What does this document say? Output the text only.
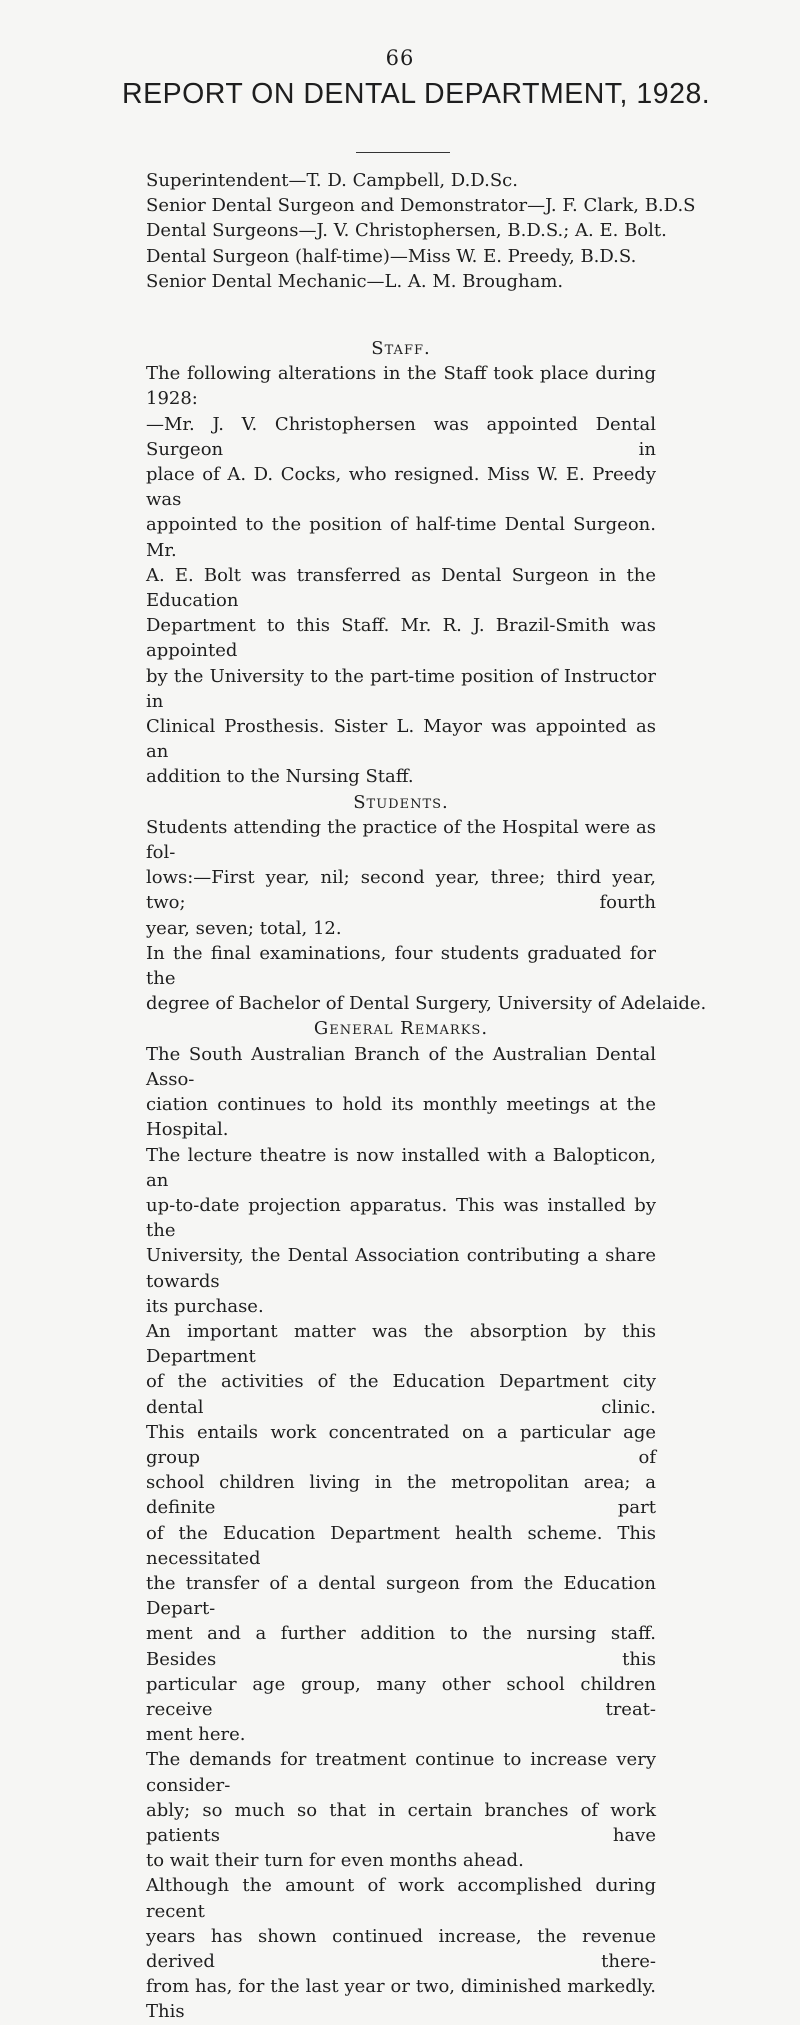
66
REPORT ON DENTAL DEPARTMENT, 1928.
Superintendent—T. D. Campbell, D.D.Sc.
Senior Dental Surgeon and Demonstrator—J. F. Clark, B.D.S
Dental Surgeons—J. V. Christophersen, B.D.S.; A. E. Bolt.
Dental Surgeon (half-time)—Miss W. E. Preedy, B.D.S.
Senior Dental Mechanic—L. A. M. Brougham.
Staff.
The following alterations in the Staff took place during 1928:
—Mr. J. V. Christophersen was appointed Dental Surgeon in
place of A. D. Cocks, who resigned. Miss W. E. Preedy was
appointed to the position of half-time Dental Surgeon. Mr.
A. E. Bolt was transferred as Dental Surgeon in the Education
Department to this Staff. Mr. R. J. Brazil-Smith was appointed
by the University to the part-time position of Instructor in
Clinical Prosthesis. Sister L. Mayor was appointed as an
addition to the Nursing Staff.
Students.
Students attending the practice of the Hospital were as fol-
lows:—First year, nil; second year, three; third year, two; fourth
year, seven; total, 12.
In the final examinations, four students graduated for the
degree of Bachelor of Dental Surgery, University of Adelaide.
General Remarks.
The South Australian Branch of the Australian Dental Asso-
ciation continues to hold its monthly meetings at the Hospital.
The lecture theatre is now installed with a Balopticon, an
up-to-date projection apparatus. This was installed by the
University, the Dental Association contributing a share towards
its purchase.
An important matter was the absorption by this Department
of the activities of the Education Department city dental clinic.
This entails work concentrated on a particular age group of
school children living in the metropolitan area; a definite part
of the Education Department health scheme. This necessitated
the transfer of a dental surgeon from the Education Depart-
ment and a further addition to the nursing staff. Besides this
particular age group, many other school children receive treat-
ment here.
The demands for treatment continue to increase very consider-
ably; so much so that in certain branches of work patients have
to wait their turn for even months ahead.
Although the amount of work accomplished during recent
years has shown continued increase, the revenue derived there-
from has, for the last year or two, diminished markedly. This
